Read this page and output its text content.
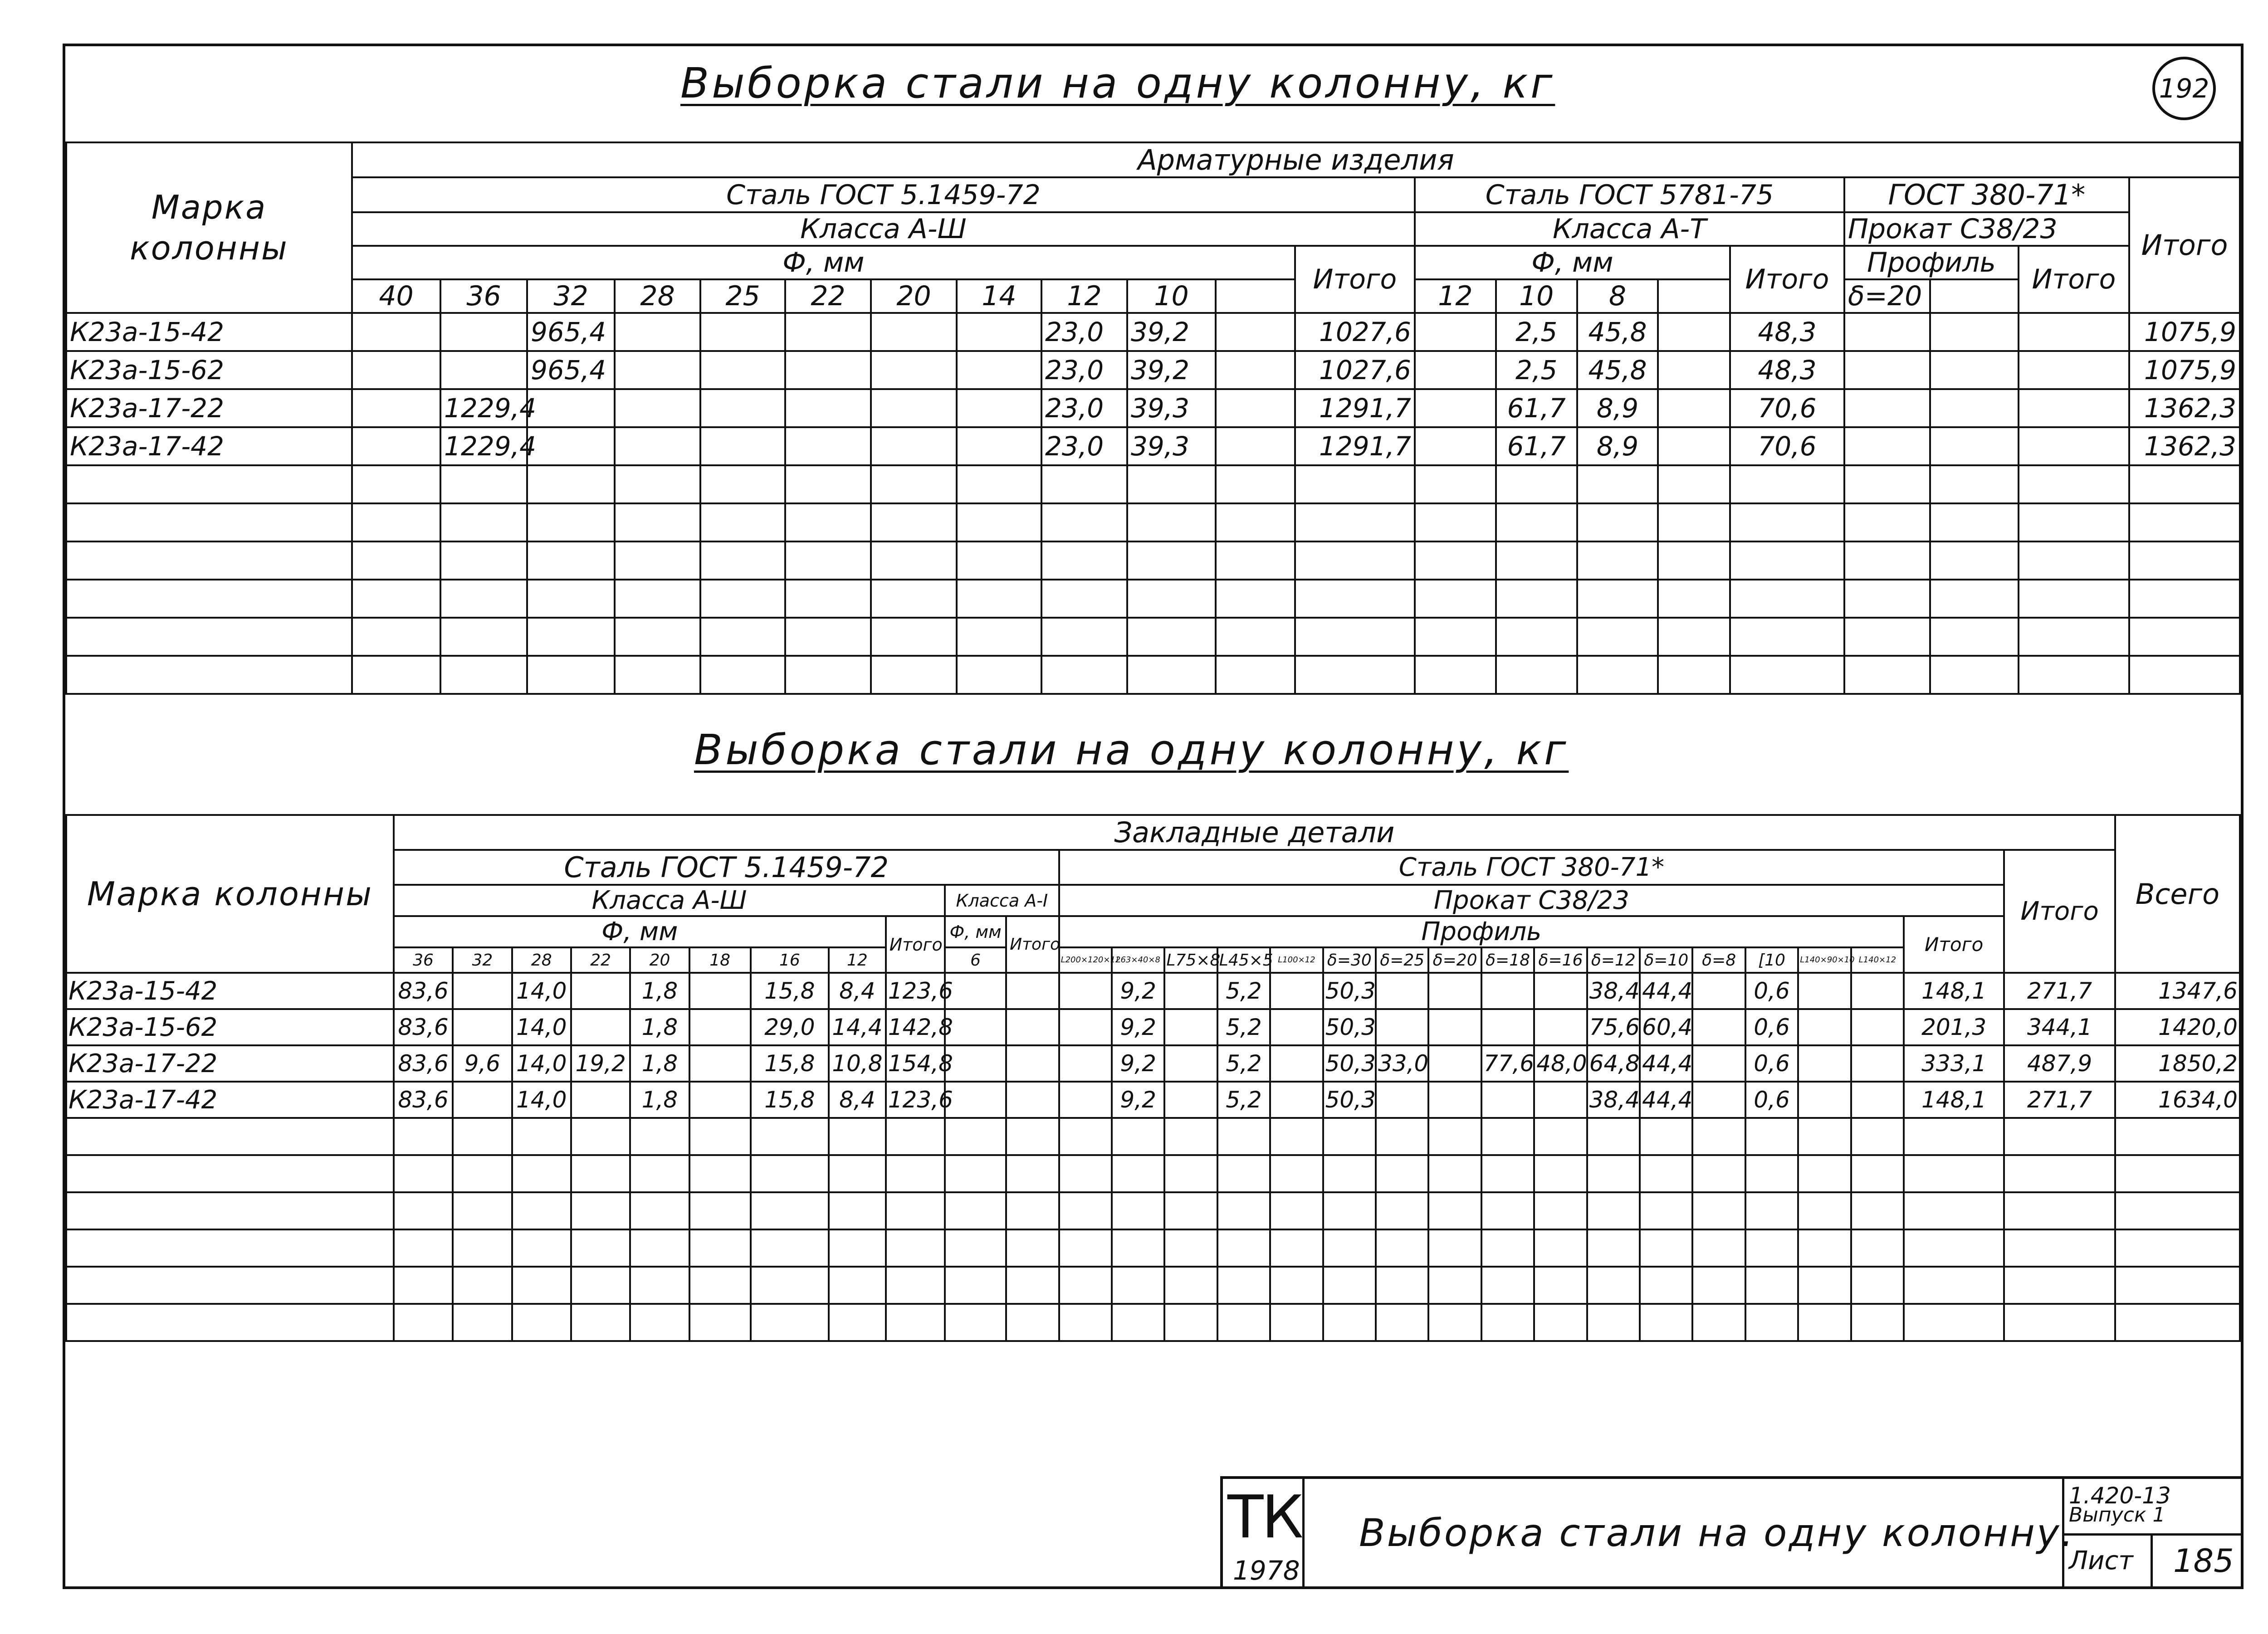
Выборка стали на одну колонну, кг	192
Марка колонны	Арматурные изделия																				
	Сталь ГОСТ 5.1459-72												Сталь ГОСТ 5781-75					ГОСТ 380-71*			Итого
	Класса А-Ш												Класса А-Т					Прокат С38/23			
	Ф, мм											Итого	Ф, мм				Итого	Профиль		Итого	
	40	36	32	28	25	22	20	14	12	10			12	10	8			δ=20			
К23а-15-42			965,4						23,0	39,2		1027,6		2,5	45,8		48,3				1075,9
К23а-15-62			965,4						23,0	39,2		1027,6		2,5	45,8		48,3				1075,9
К23а-17-22		1229,4							23,0	39,3		1291,7		61,7	8,9		70,6				1362,3
К23а-17-42		1229,4							23,0	39,3		1291,7		61,7	8,9		70,6				1362,3

Выборка стали на одну колонну, кг
Марка колонны	Закладные детали																													Всего
	Сталь ГОСТ 5.1459-72											Сталь ГОСТ 380-71*																	Итого	
	Класса А-Ш									Класса А-I		Прокат С38/23																		
	Ф, мм								Итого	Ф, мм	Итого	Профиль																Итого		
	36	32	28	22	20	18	16	12		6		L200×120×12	L63×40×8	L75×8	L45×5	L100×12	δ=30	δ=25	δ=20	δ=18	δ=16	δ=12	δ=10	δ=8	[10	L140×90×10	L140×12			
К23а-15-42	83,6		14,0		1,8		15,8	8,4	123,6				9,2		5,2		50,3					38,4	44,4		0,6			148,1	271,7	1347,6
К23а-15-62	83,6		14,0		1,8		29,0	14,4	142,8				9,2		5,2		50,3					75,6	60,4		0,6			201,3	344,1	1420,0
К23а-17-22	83,6	9,6	14,0	19,2	1,8		15,8	10,8	154,8				9,2		5,2		50,3	33,0		77,6	48,0	64,8	44,4		0,6			333,1	487,9	1850,2
К23а-17-42	83,6		14,0		1,8		15,8	8,4	123,6				9,2		5,2		50,3					38,4	44,4		0,6			148,1	271,7	1634,0

ТК
1978
Выборка стали на одну колонну.
1.420-13
Выпуск 1
Лист 185
